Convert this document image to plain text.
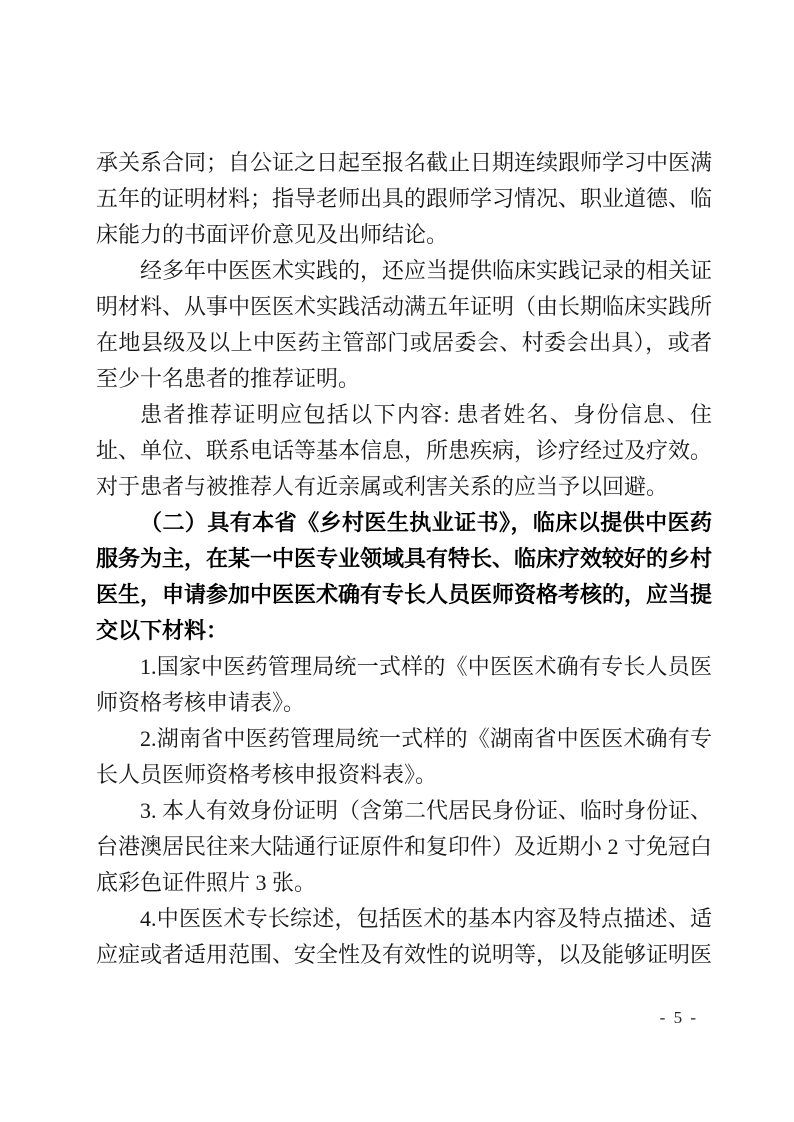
承关系合同；自公证之日起至报名截止日期连续跟师学习中医满五年的证明材料；指导老师出具的跟师学习情况、职业道德、临床能力的书面评价意见及出师结论。

经多年中医医术实践的，还应当提供临床实践记录的相关证明材料、从事中医医术实践活动满五年证明（由长期临床实践所在地县级及以上中医药主管部门或居委会、村委会出具），或者至少十名患者的推荐证明。

患者推荐证明应包括以下内容: 患者姓名、身份信息、住址、单位、联系电话等基本信息，所患疾病，诊疗经过及疗效。对于患者与被推荐人有近亲属或利害关系的应当予以回避。

（二）具有本省《乡村医生执业证书》，临床以提供中医药服务为主，在某一中医专业领域具有特长、临床疗效较好的乡村医生，申请参加中医医术确有专长人员医师资格考核的，应当提交以下材料：

1.国家中医药管理局统一式样的《中医医术确有专长人员医师资格考核申请表》。

2.湖南省中医药管理局统一式样的《湖南省中医医术确有专长人员医师资格考核申报资料表》。

3. 本人有效身份证明（含第二代居民身份证、临时身份证、台港澳居民往来大陆通行证原件和复印件）及近期小 2 寸免冠白底彩色证件照片 3 张。

4.中医医术专长综述，包括医术的基本内容及特点描述、适应症或者适用范围、安全性及有效性的说明等，以及能够证明医

- 5 -
